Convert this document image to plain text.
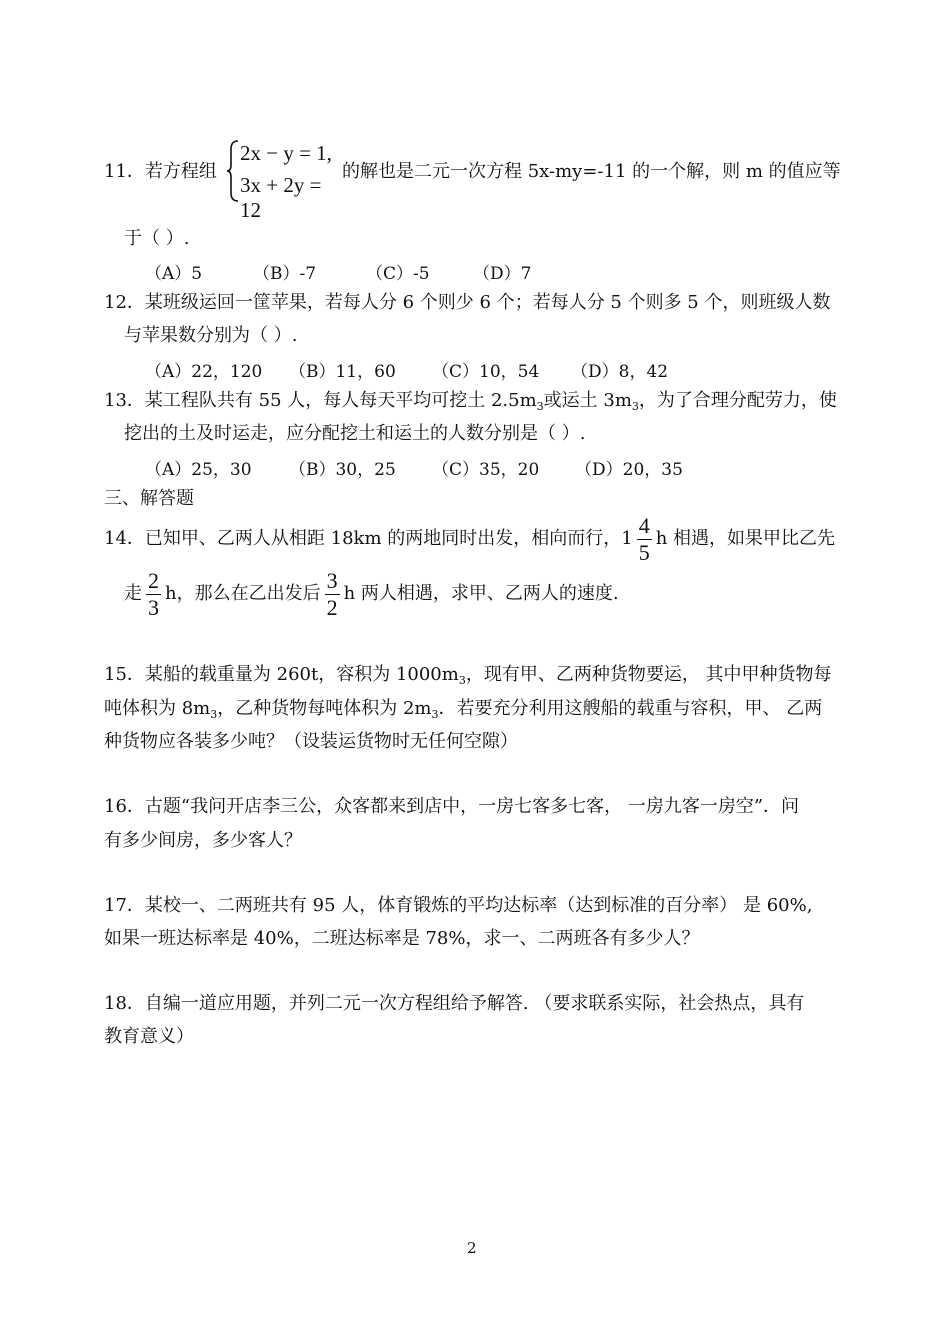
11．若方程组
2x − y = 1,
3x + 2y = 12
的解也是二元一次方程 5x-my=-11 的一个解，则 m 的值应等
于（ ）.
（A）5	（B）-7	（C）-5	（D）7
12．某班级运回一筐苹果，若每人分 6 个则少 6 个；若每人分 5 个则多 5 个，则班级人数
与苹果数分别为（ ）.
（A）22，120 （B）11，60 （C）10，54 （D）8，42
13．某工程队共有 55 人，每人每天平均可挖土 $2.5m_3$或运土 $3m_3$，为了合理分配劳力，使
挖出的土及时运走，应分配挖土和运土的人数分别是（ ）.
（A）25，30 （B）30，25 （C）35，20 （D）20，35
三、解答题
14．已知甲、乙两人从相距 18km 的两地同时出发，相向而行，$1 \frac{4}{5}$ h 相遇，如果甲比乙先
走 $\frac{2}{3}$ h，那么在乙出发后 $\frac{3}{2}$ h 两人相遇，求甲、乙两人的速度.
15．某船的载重量为 260t，容积为 $1000m_3$，现有甲、乙两种货物要运， 其中甲种货物每
吨体积为 $8m_3$，乙种货物每吨体积为 $2m_3$．若要充分利用这艘船的载重与容积，甲、 乙两
种货物应各装多少吨？（设装运货物时无任何空隙）
16．古题“我问开店李三公，众客都来到店中，一房七客多七客， 一房九客一房空”．问
有多少间房，多少客人？
17．某校一、二两班共有 95 人，体育锻炼的平均达标率（达到标准的百分率） 是 60%,
如果一班达标率是 40%，二班达标率是 78%，求一、二两班各有多少人？
18．自编一道应用题，并列二元一次方程组给予解答. （要求联系实际，社会热点，具有
教育意义）
2
